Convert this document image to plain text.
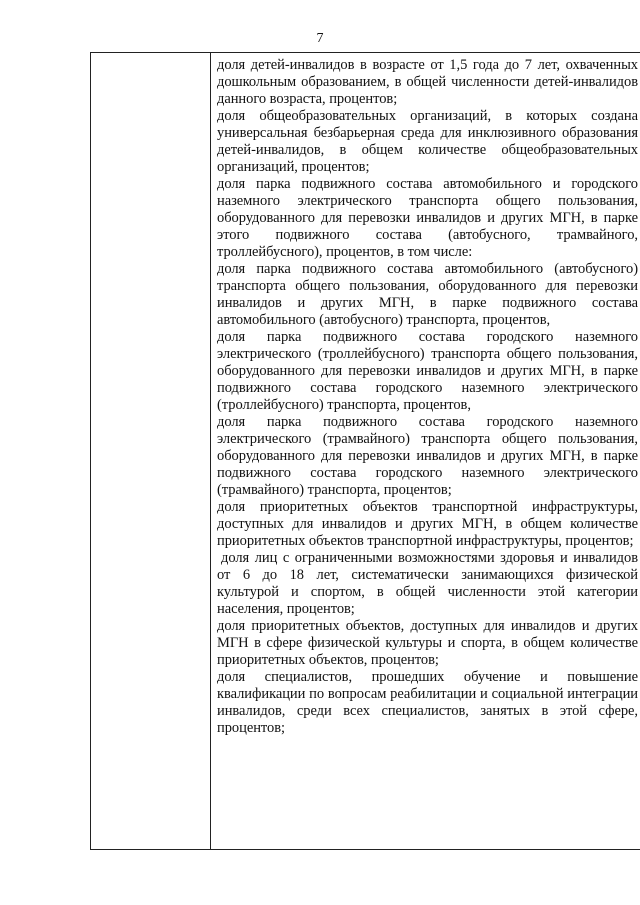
7

доля детей-инвалидов в возрасте от 1,5 года до 7 лет, охваченных дошкольным образованием, в общей численности детей-инвалидов данного возраста, процентов;

доля общеобразовательных организаций, в которых создана универсальная безбарьерная среда для инклюзивного образования детей-инвалидов, в общем количестве общеобразовательных организаций, процентов;

доля парка подвижного состава автомобильного и городского наземного электрического транспорта общего пользования, оборудованного для перевозки инвалидов и других МГН, в парке этого подвижного состава (автобусного, трамвайного, троллейбусного), процентов, в том числе:

доля парка подвижного состава автомобильного (автобусного) транспорта общего пользования, оборудованного для перевозки инвалидов и других МГН, в парке подвижного состава автомобильного (автобусного) транспорта, процентов,

доля парка подвижного состава городского наземного электрического (троллейбусного) транспорта общего пользования, оборудованного для перевозки инвалидов и других МГН, в парке подвижного состава городского наземного электрического (троллейбусного) транспорта, процентов,

доля парка подвижного состава городского наземного электрического (трамвайного) транспорта общего пользования, оборудованного для перевозки инвалидов и других МГН, в парке подвижного состава городского наземного электрического (трамвайного) транспорта, процентов;

доля приоритетных объектов транспортной инфраструктуры, доступных для инвалидов и других МГН, в общем количестве приоритетных объектов транспортной инфраструктуры, процентов;

доля лиц с ограниченными возможностями здоровья и инвалидов от 6 до 18 лет, систематически занимающихся физической культурой и спортом, в общей численности этой категории населения, процентов;

доля приоритетных объектов, доступных для инвалидов и других МГН в сфере физической культуры и спорта, в общем количестве приоритетных объектов, процентов;

доля специалистов, прошедших обучение и повышение квалификации по вопросам реабилитации и социальной интеграции инвалидов, среди всех специалистов, занятых в этой сфере, процентов;
